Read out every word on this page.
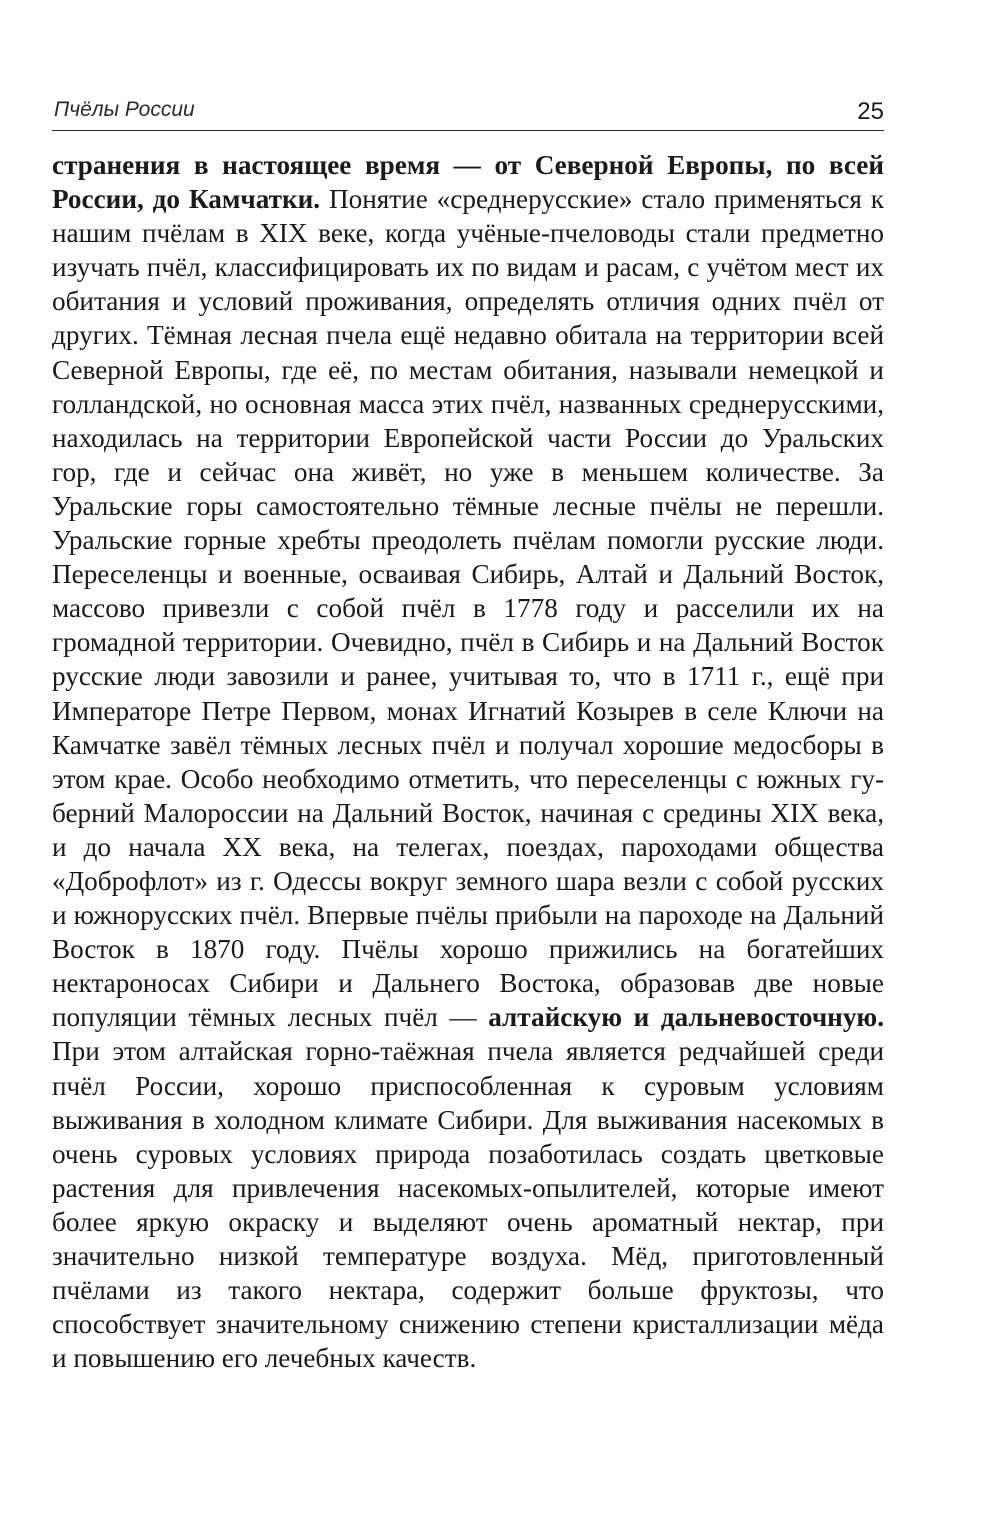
Пчёлы России	25

странения в настоящее время — от Северной Европы, по всей России, до Камчатки. Понятие «среднерусские» стало применяться к нашим пчёлам в XIX веке, когда учёные-пчеловоды стали предметно изучать пчёл, классифицировать их по видам и расам, с учётом мест их обитания и условий проживания, определять отличия одних пчёл от других. Тёмная лесная пчела ещё недавно обитала на территории всей Северной Европы, где её, по местам обитания, называли немецкой и голландской, но основная масса этих пчёл, названных среднерусскими, находилась на территории Европейской части России до Уральских гор, где и сейчас она живёт, но уже в меньшем количестве. За Уральские горы самостоятельно тёмные лесные пчёлы не перешли. Уральские горные хребты преодолеть пчёлам помогли русские люди. Переселенцы и военные, осваивая Сибирь, Алтай и Дальний Восток, массово привезли с собой пчёл в 1778 году и расселили их на громадной территории. Очевидно, пчёл в Сибирь и на Дальний Восток русские люди завозили и ранее, учитывая то, что в 1711 г., ещё при Императоре Петре Первом, монах Игнатий Козырев в селе Ключи на Камчатке завёл тёмных лесных пчёл и получал хорошие медосборы в этом крае. Особо необходимо отметить, что переселенцы с южных губерний Малороссии на Дальний Восток, начиная с средины XIX века, и до начала XX века, на телегах, поездах, пароходами общества «Доброфлот» из г. Одессы вокруг земного шара везли с собой русских и южнорусских пчёл. Впервые пчёлы прибыли на пароходе на Дальний Восток в 1870 году. Пчёлы хорошо прижились на богатейших нектароносах Сибири и Дальнего Востока, образовав две новые популяции тёмных лесных пчёл — алтайскую и дальневосточную. При этом алтайская горно-таёжная пчела является редчайшей среди пчёл России, хорошо приспособленная к суровым условиям выживания в холодном климате Сибири. Для выживания насекомых в очень суровых условиях природа позаботилась создать цветковые растения для привлечения насекомых-опылителей, которые имеют более яркую окраску и выделяют очень ароматный нектар, при значительно низкой температуре воздуха. Мёд, приготовленный пчёлами из такого нектара, содержит больше фруктозы, что способствует значительному снижению степени кристаллизации мёда и повышению его лечебных качеств.
